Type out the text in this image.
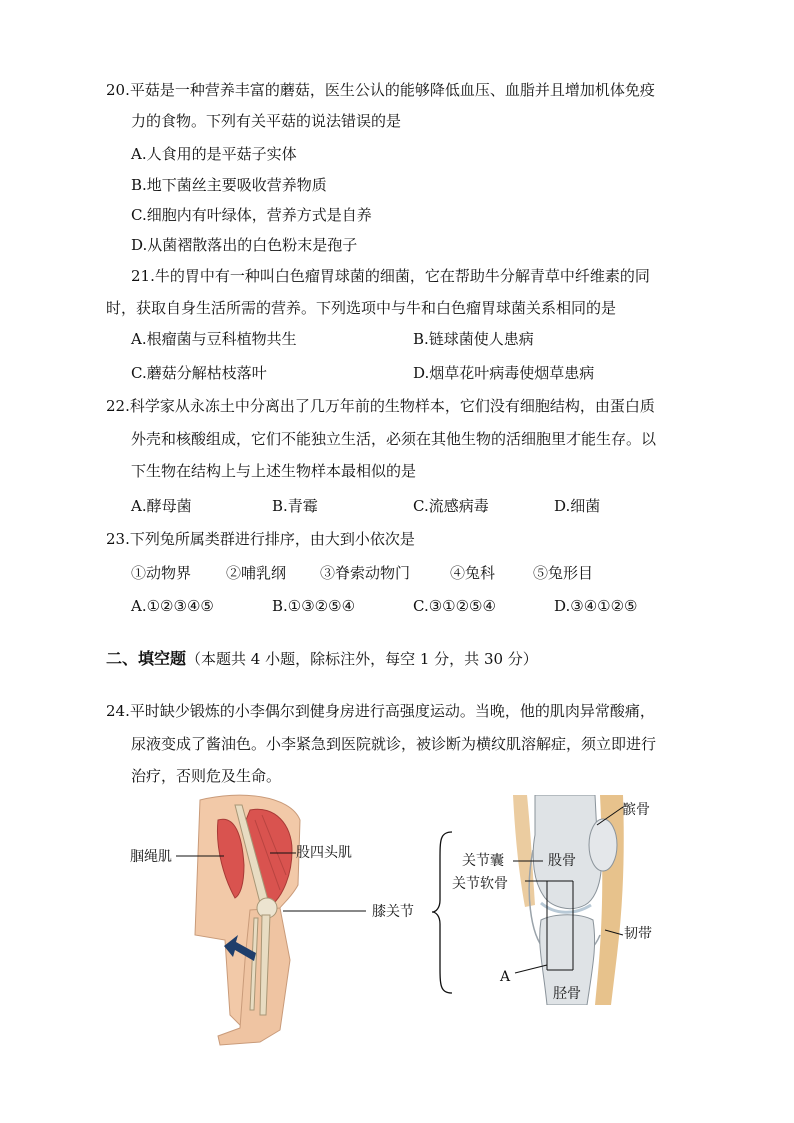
20.平菇是一种营养丰富的蘑菇，医生公认的能够降低血压、血脂并且增加机体免疫
力的食物。下列有关平菇的说法错误的是
A.人食用的是平菇子实体
B.地下菌丝主要吸收营养物质
C.细胞内有叶绿体，营养方式是自养
D.从菌褶散落出的白色粉末是孢子
21.牛的胃中有一种叫白色瘤胃球菌的细菌，它在帮助牛分解青草中纤维素的同
时，获取自身生活所需的营养。下列选项中与牛和白色瘤胃球菌关系相同的是
A.根瘤菌与豆科植物共生	B.链球菌使人患病
C.蘑菇分解枯枝落叶	D.烟草花叶病毒使烟草患病
22.科学家从永冻土中分离出了几万年前的生物样本，它们没有细胞结构，由蛋白质
外壳和核酸组成，它们不能独立生活，必须在其他生物的活细胞里才能生存。以
下生物在结构上与上述生物样本最相似的是
A.酵母菌	B.青霉	C.流感病毒	D.细菌
23.下列兔所属类群进行排序，由大到小依次是
①动物界 ②哺乳纲 ③脊索动物门	④兔科	⑤兔形目
A.①②③④⑤	B.①③②⑤④	C.③①②⑤④	D.③④①②⑤
二、填空题（本题共 4 小题，除标注外，每空 1 分，共 30 分）
24.平时缺少锻炼的小李偶尔到健身房进行高强度运动。当晚，他的肌肉异常酸痛，
尿液变成了酱油色。小李紧急到医院就诊，被诊断为横纹肌溶解症，须立即进行
治疗，否则危及生命。
腘绳肌	股四头肌
膝关节
髌骨
关节囊	股骨
关节软骨
韧带
A
胫骨
